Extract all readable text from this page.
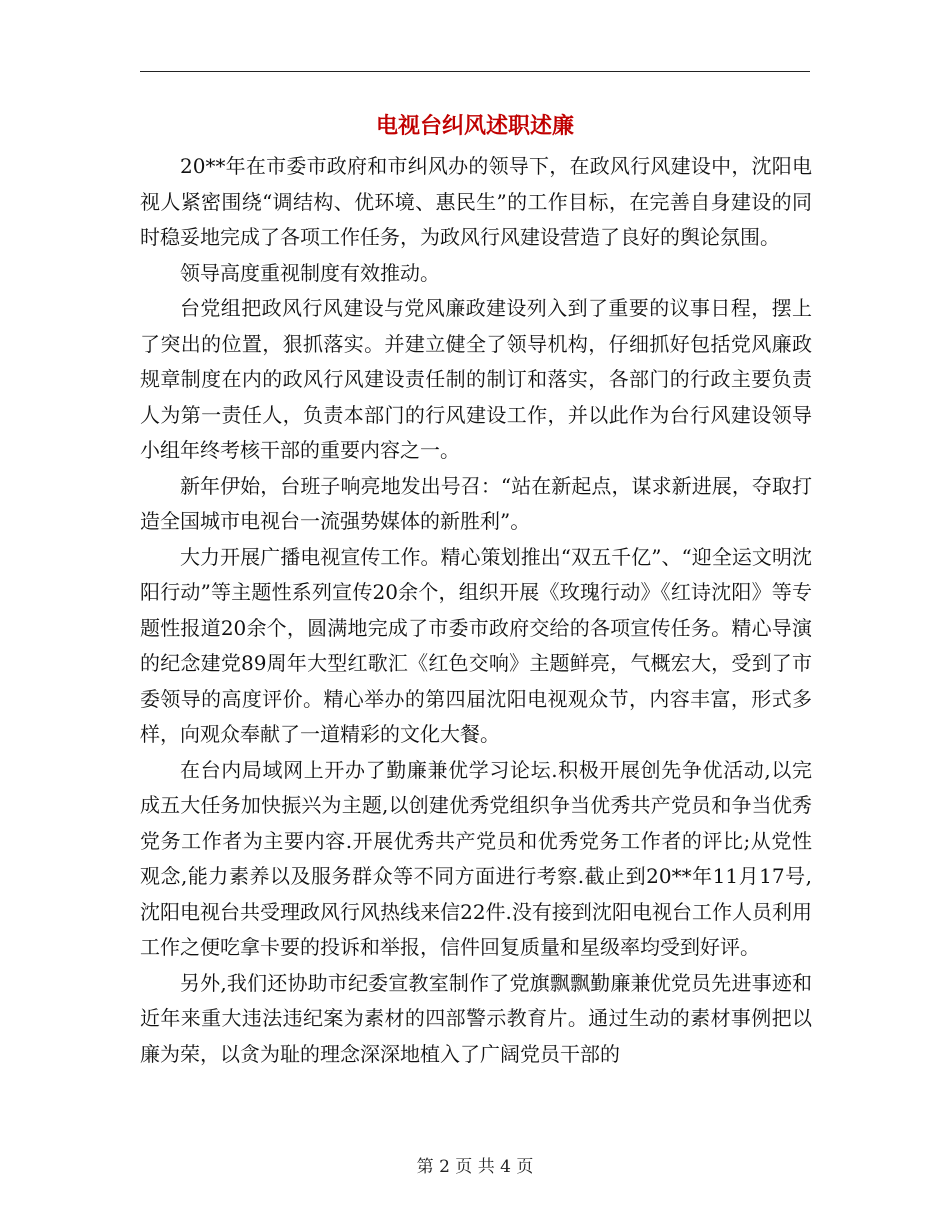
电视台纠风述职述廉

20**年在市委市政府和市纠风办的领导下，在政风行风建设中，沈阳电视人紧密围绕“调结构、优环境、惠民生”的工作目标，在完善自身建设的同时稳妥地完成了各项工作任务，为政风行风建设营造了良好的舆论氛围。

领导高度重视制度有效推动。

台党组把政风行风建设与党风廉政建设列入到了重要的议事日程，摆上了突出的位置，狠抓落实。并建立健全了领导机构，仔细抓好包括党风廉政规章制度在内的政风行风建设责任制的制订和落实，各部门的行政主要负责人为第一责任人，负责本部门的行风建设工作，并以此作为台行风建设领导小组年终考核干部的重要内容之一。

新年伊始，台班子响亮地发出号召：“站在新起点，谋求新进展，夺取打造全国城市电视台一流强势媒体的新胜利”。

大力开展广播电视宣传工作。精心策划推出“双五千亿”、“迎全运文明沈阳行动”等主题性系列宣传20余个，组织开展《玫瑰行动》《红诗沈阳》等专题性报道20余个，圆满地完成了市委市政府交给的各项宣传任务。精心导演的纪念建党89周年大型红歌汇《红色交响》主题鲜亮，气概宏大，受到了市委领导的高度评价。精心举办的第四届沈阳电视观众节，内容丰富，形式多样，向观众奉献了一道精彩的文化大餐。

在台内局域网上开办了勤廉兼优学习论坛.积极开展创先争优活动,以完成五大任务加快振兴为主题,以创建优秀党组织争当优秀共产党员和争当优秀党务工作者为主要内容.开展优秀共产党员和优秀党务工作者的评比;从党性观念,能力素养以及服务群众等不同方面进行考察.截止到20**年11月17号,沈阳电视台共受理政风行风热线来信22件.没有接到沈阳电视台工作人员利用工作之便吃拿卡要的投诉和举报，信件回复质量和星级率均受到好评。

另外,我们还协助市纪委宣教室制作了党旗飘飘勤廉兼优党员先进事迹和近年来重大违法违纪案为素材的四部警示教育片。通过生动的素材事例把以廉为荣，以贪为耻的理念深深地植入了广阔党员干部的

第 2 页 共 4 页
